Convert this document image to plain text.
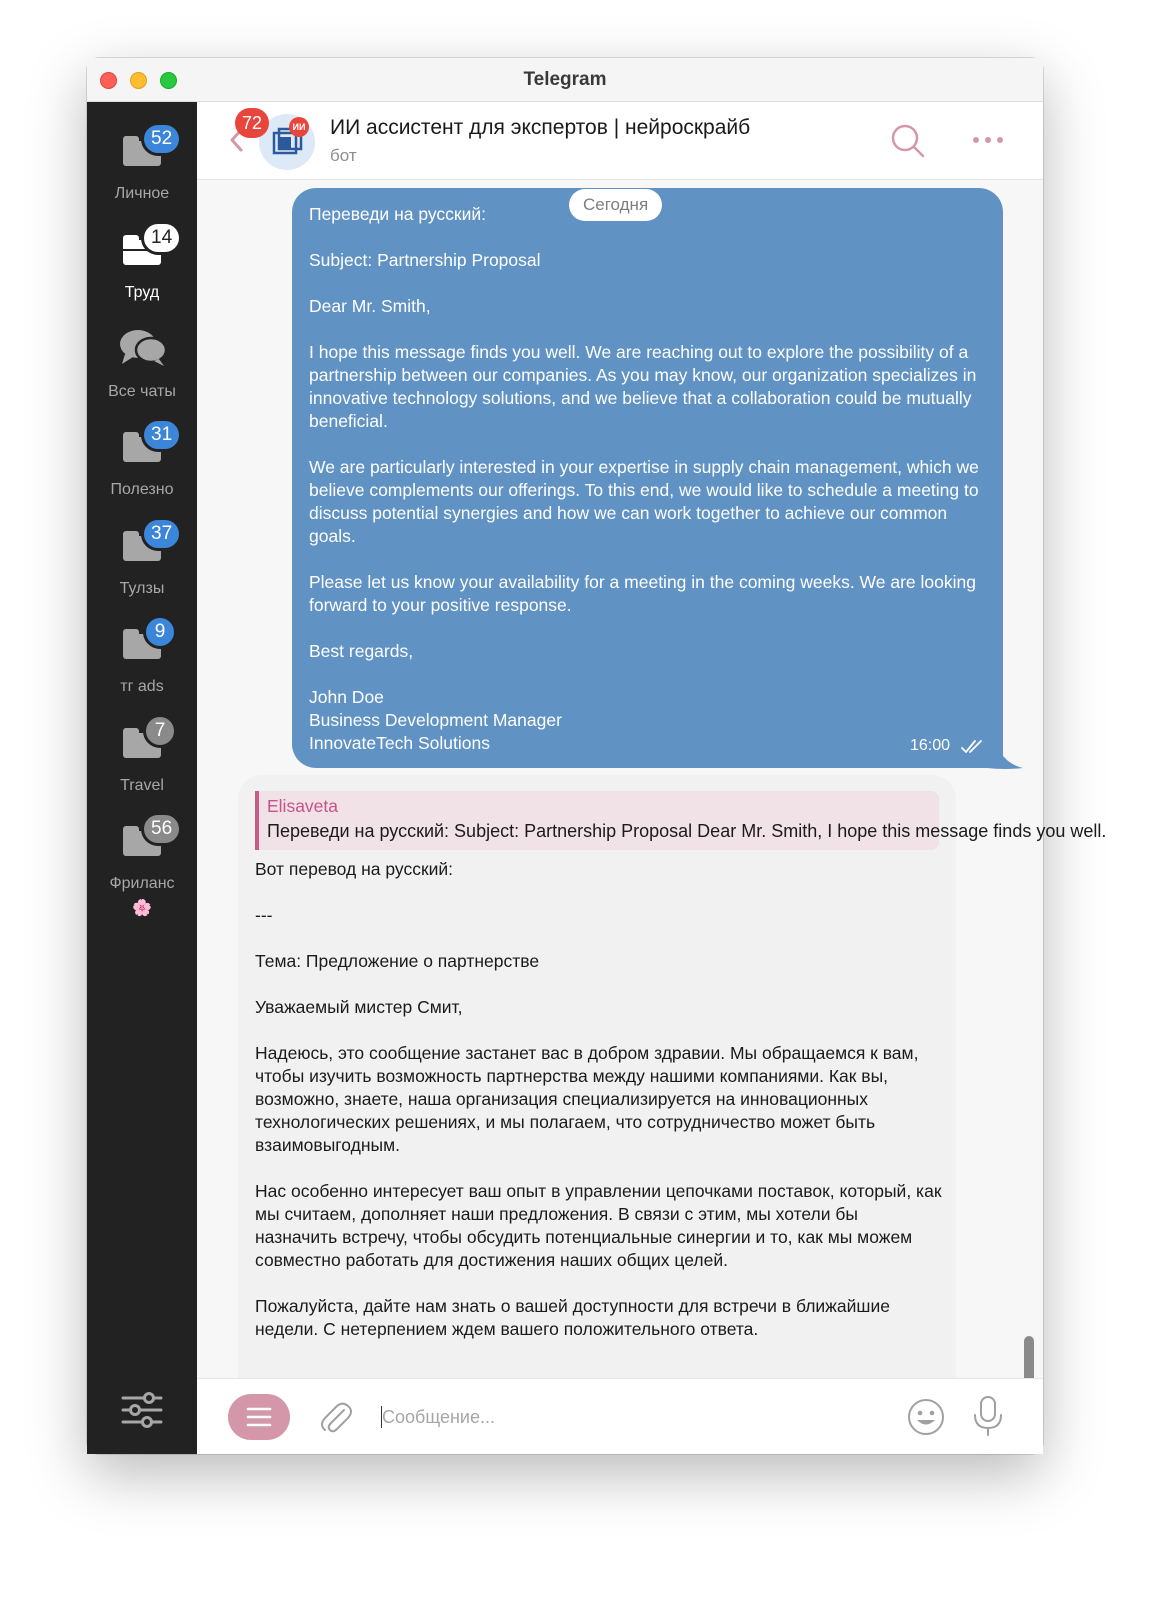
Telegram
52
Личное
14
Труд
Все чаты
31
Полезно
37
Тулзы
9
тг ads
7
Travel
56
Фриланс
🌸
ИИ
72	ИИ ассистент для экспертов | нейроскрайб
бот

Переведи на русский:

Subject: Partnership Proposal

Dear Mr. Smith,

I hope this message finds you well. We are reaching out to explore the possibility of a partnership between our companies. As you may know, our organization specializes in innovative technology solutions, and we believe that a collaboration could be mutually beneficial.

We are particularly interested in your expertise in supply chain management, which we believe complements our offerings. To this end, we would like to schedule a meeting to discuss potential synergies and how we can work together to achieve our common goals.

Please let us know your availability for a meeting in the coming weeks. We are looking forward to your positive response.

Best regards,

John Doe
Business Development Manager
InnovateTech Solutions	16:00
Сегодня
Elisaveta
Переведи на русский: Subject: Partnership Proposal Dear Mr. Smith, I hope this message finds you well.

Вот перевод на русский:

---

Тема: Предложение о партнерстве

Уважаемый мистер Смит,

Надеюсь, это сообщение застанет вас в добром здравии. Мы обращаемся к вам, чтобы изучить возможность партнерства между нашими компаниями. Как вы, возможно, знаете, наша организация специализируется на инновационных технологических решениях, и мы полагаем, что сотрудничество может быть взаимовыгодным.

Нас особенно интересует ваш опыт в управлении цепочками поставок, который, как мы считаем, дополняет наши предложения. В связи с этим, мы хотели бы назначить встречу, чтобы обсудить потенциальные синергии и то, как мы можем совместно работать для достижения наших общих целей.

Пожалуйста, дайте нам знать о вашей доступности для встречи в ближайшие недели. С нетерпением ждем вашего положительного ответа.

Сообщение...
